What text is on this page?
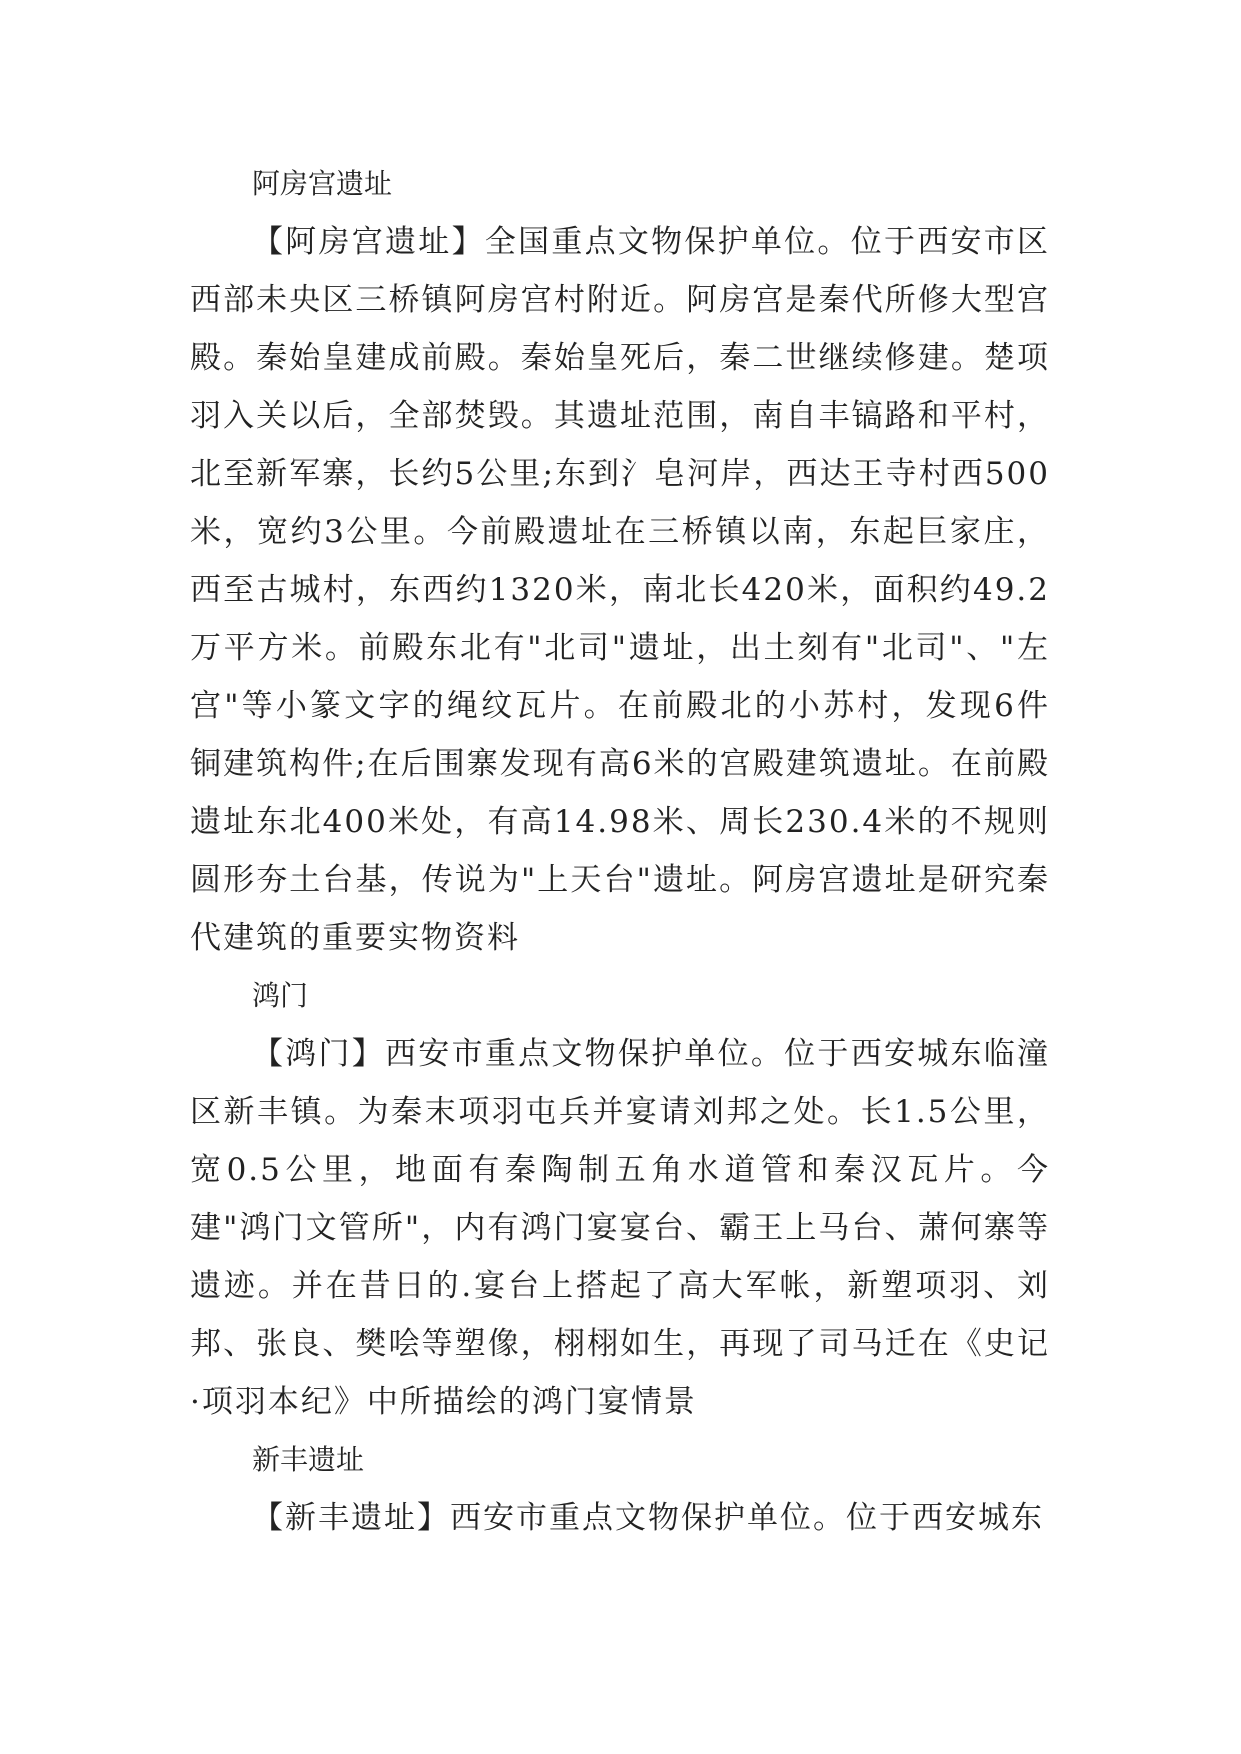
阿房宫遗址

【阿房宫遗址】全国重点文物保护单位。位于西安市区西部未央区三桥镇阿房宫村附近。阿房宫是秦代所修大型宫殿。秦始皇建成前殿。秦始皇死后，秦二世继续修建。楚项羽入关以后，全部焚毁。其遗址范围，南自丰镐路和平村，北至新军寨，长约5公里;东到氵皂河岸，西达王寺村西500米，宽约3公里。今前殿遗址在三桥镇以南，东起巨家庄，西至古城村，东西约1320米，南北长420米，面积约49.2万平方米。前殿东北有"北司"遗址，出土刻有"北司"、"左宫"等小篆文字的绳纹瓦片。在前殿北的小苏村，发现6件铜建筑构件;在后围寨发现有高6米的宫殿建筑遗址。在前殿遗址东北400米处，有高14.98米、周长230.4米的不规则圆形夯土台基，传说为"上天台"遗址。阿房宫遗址是研究秦代建筑的重要实物资料

鸿门

【鸿门】西安市重点文物保护单位。位于西安城东临潼区新丰镇。为秦末项羽屯兵并宴请刘邦之处。长1.5公里，宽0.5公里，地面有秦陶制五角水道管和秦汉瓦片。今建"鸿门文管所"，内有鸿门宴宴台、霸王上马台、萧何寨等遗迹。并在昔日的.宴台上搭起了高大军帐，新塑项羽、刘邦、张良、樊哙等塑像，栩栩如生，再现了司马迁在《史记·项羽本纪》中所描绘的鸿门宴情景

新丰遗址

【新丰遗址】西安市重点文物保护单位。位于西安城东
